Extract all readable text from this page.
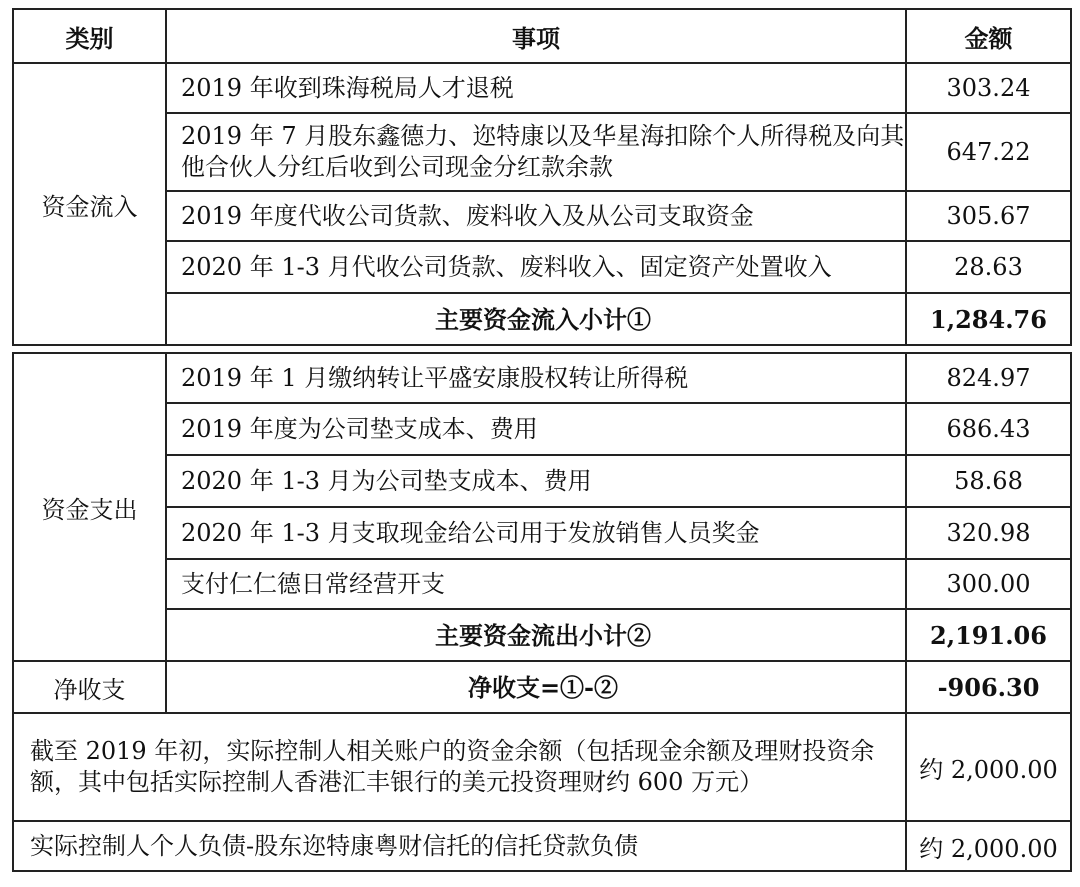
类别	事项	金额
资金流入	2019 年收到珠海税局人才退税	303.24
	2019 年 7 月股东鑫德力、迩特康以及华星海扣除个人所得税及向其他合伙人分红后收到公司现金分红款余款	647.22
	2019 年度代收公司货款、废料收入及从公司支取资金	305.67
	2020 年 1-3 月代收公司货款、废料收入、固定资产处置收入	28.63
	主要资金流入小计①	1,284.76
资金支出	2019 年 1 月缴纳转让平盛安康股权转让所得税	824.97
	2019 年度为公司垫支成本、费用	686.43
	2020 年 1-3 月为公司垫支成本、费用	58.68
	2020 年 1-3 月支取现金给公司用于发放销售人员奖金	320.98
	支付仁仁德日常经营开支	300.00
	主要资金流出小计②	2,191.06
净收支	净收支=①-②	-906.30
截至 2019 年初，实际控制人相关账户的资金余额（包括现金余额及理财投资余额，其中包括实际控制人香港汇丰银行的美元投资理财约 600 万元）		约 2,000.00
实际控制人个人负债-股东迩特康粤财信托的信托贷款负债		约 2,000.00
